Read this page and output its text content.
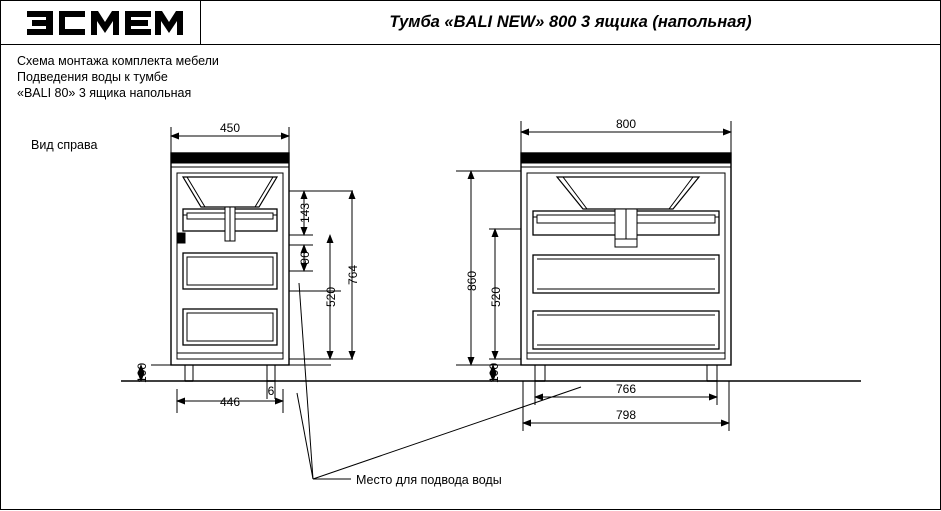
Тумба «BALI NEW» 800 3 ящика (напольная)
Схема монтажа комплекта мебели
Подведения воды к тумбе
«BALI 80» 3 ящика напольная
Вид справа
Место для подвода воды
450
446
6
143
96
520
764
100
800
766
798
860
520
100
